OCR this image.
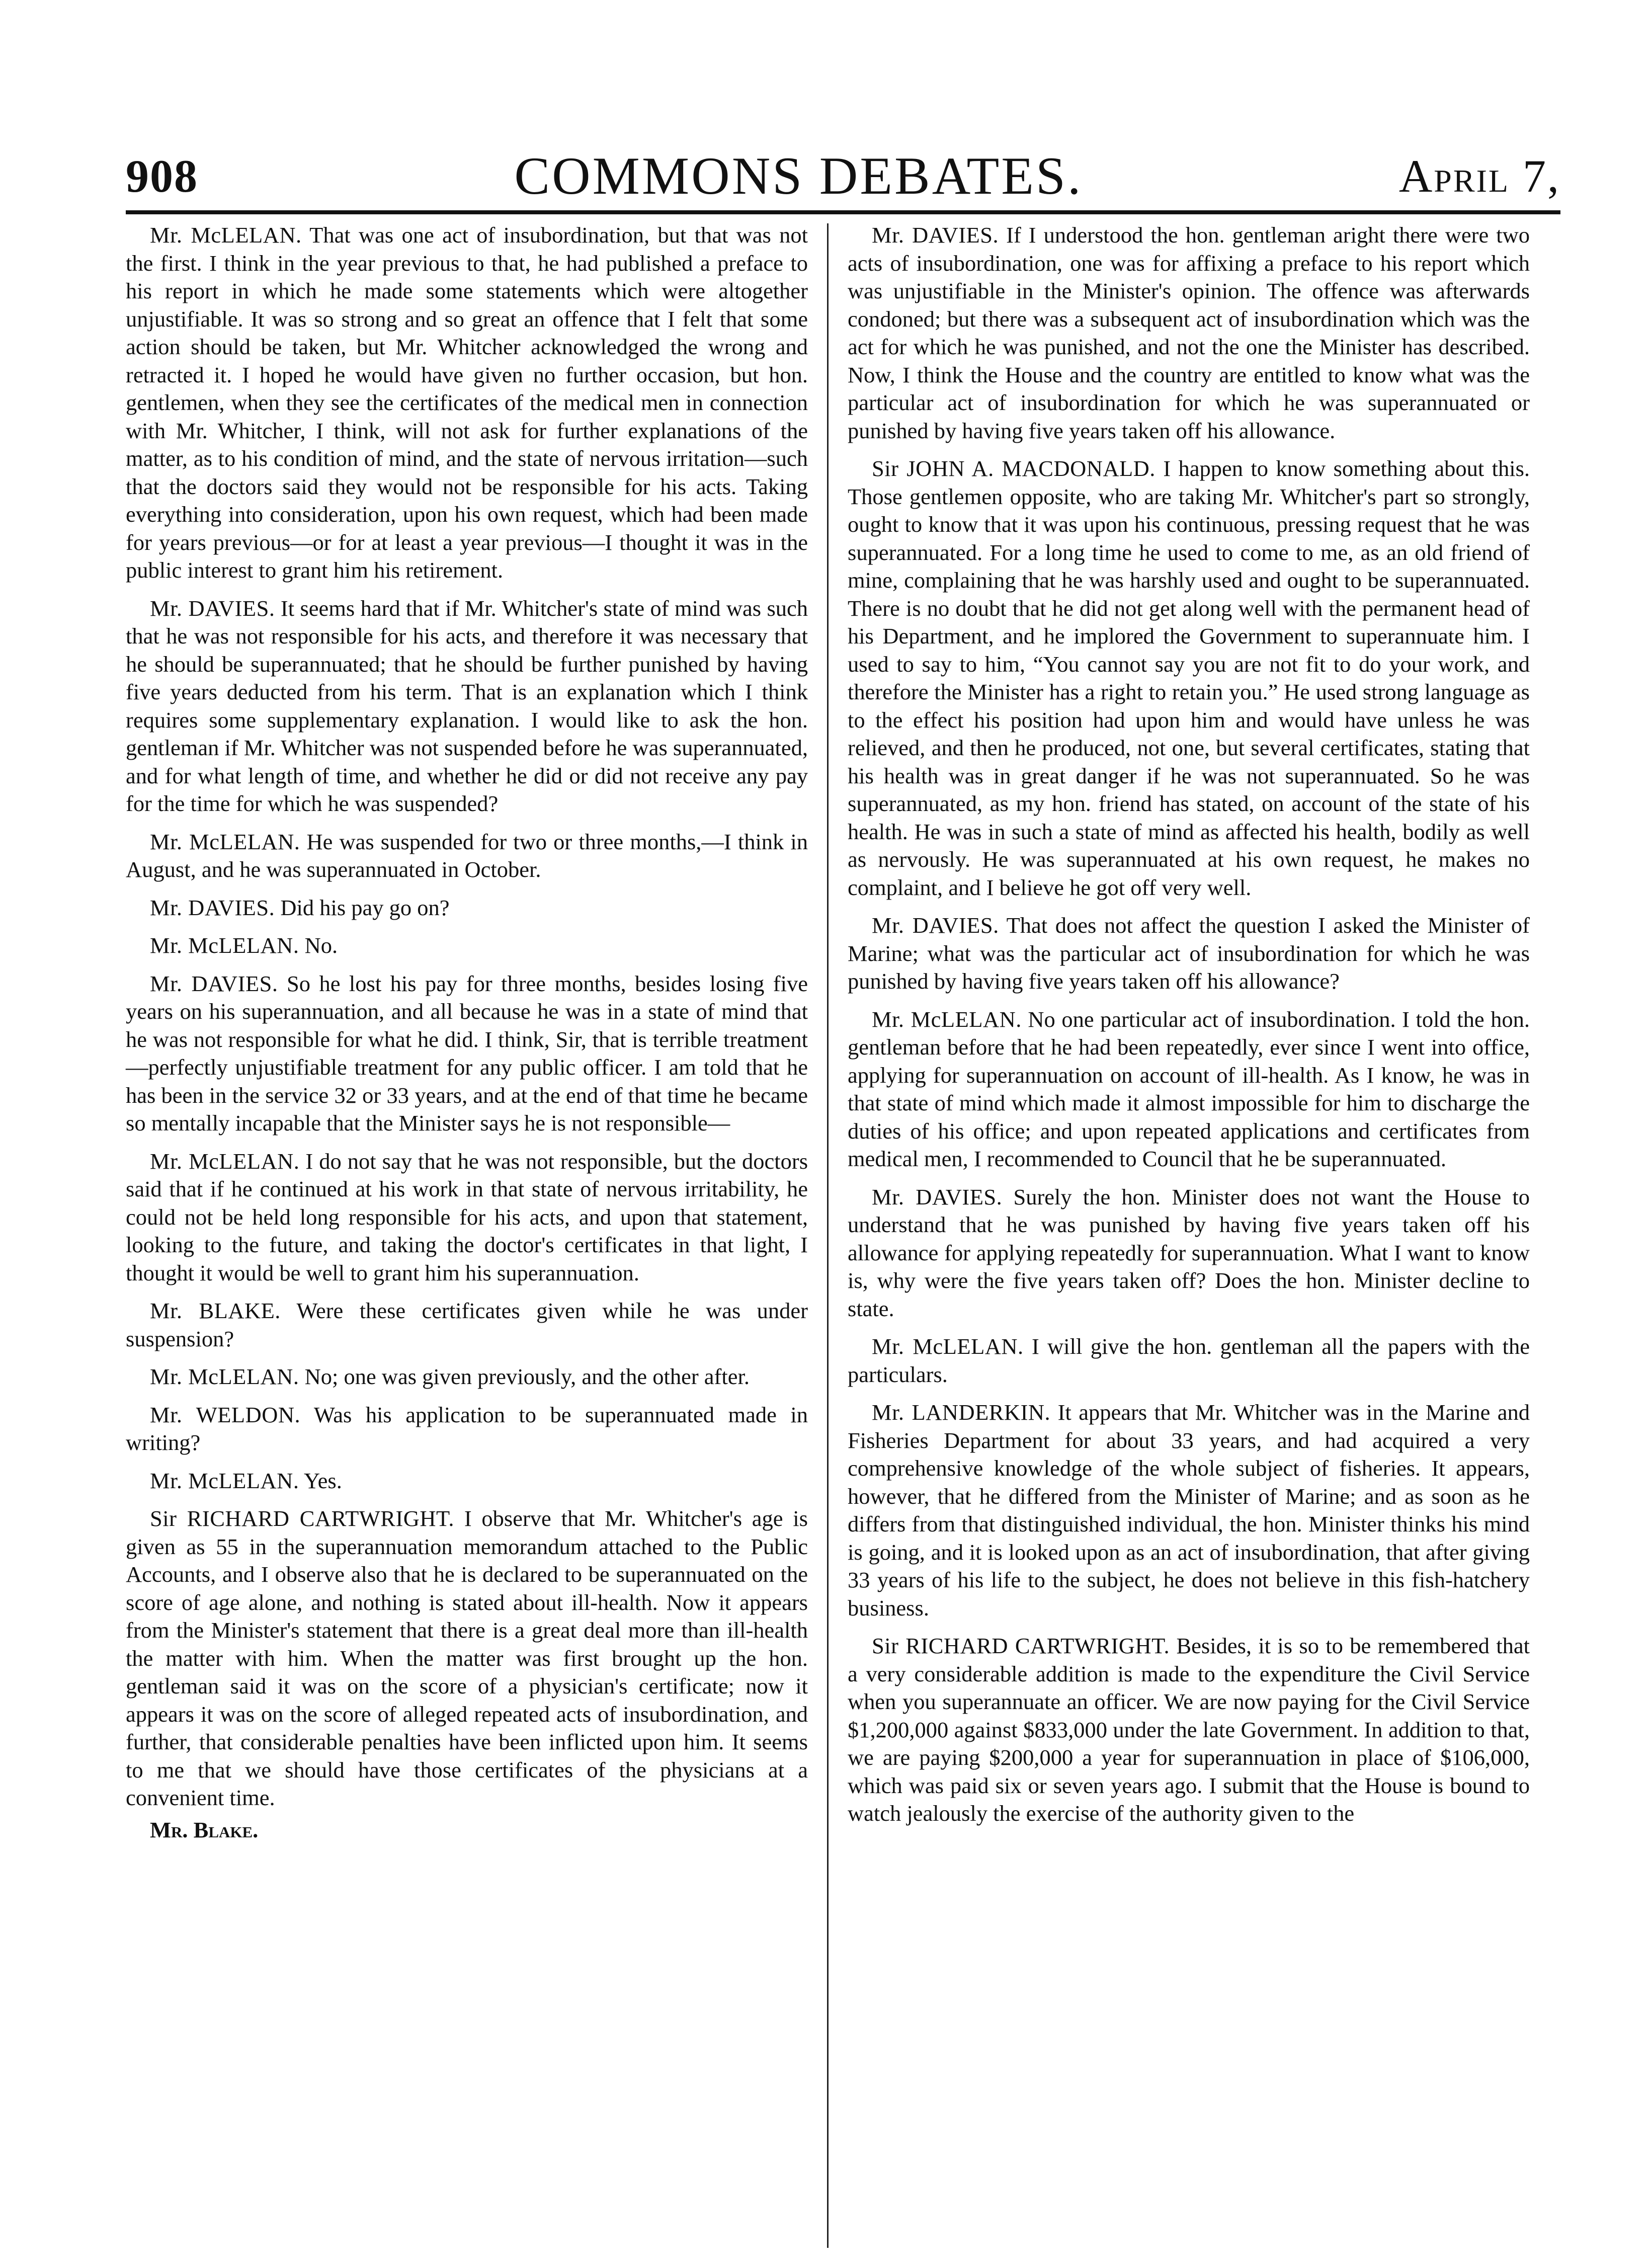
908	COMMONS DEBATES.	April 7,

Mr. McLELAN. That was one act of insubordination, but that was not the first. I think in the year previous to that, he had published a preface to his report in which he made some statements which were altogether unjustifiable. It was so strong and so great an offence that I felt that some action should be taken, but Mr. Whitcher acknowledged the wrong and retracted it. I hoped he would have given no further occasion, but hon. gentlemen, when they see the certificates of the medical men in connection with Mr. Whitcher, I think, will not ask for further explanations of the matter, as to his condition of mind, and the state of nervous irritation—such that the doctors said they would not be responsible for his acts. Taking everything into consideration, upon his own request, which had been made for years previous—or for at least a year previous—I thought it was in the public interest to grant him his retirement.

Mr. DAVIES. It seems hard that if Mr. Whitcher's state of mind was such that he was not responsible for his acts, and therefore it was necessary that he should be superannuated; that he should be further punished by having five years deducted from his term. That is an explanation which I think requires some supplementary explanation. I would like to ask the hon. gentleman if Mr. Whitcher was not suspended before he was superannuated, and for what length of time, and whether he did or did not receive any pay for the time for which he was suspended?

Mr. McLELAN. He was suspended for two or three months,—I think in August, and he was superannuated in October.

Mr. DAVIES. Did his pay go on?

Mr. McLELAN. No.

Mr. DAVIES. So he lost his pay for three months, besides losing five years on his superannuation, and all because he was in a state of mind that he was not responsible for what he did. I think, Sir, that is terrible treatment—perfectly unjustifiable treatment for any public officer. I am told that he has been in the service 32 or 33 years, and at the end of that time he became so mentally incapable that the Minister says he is not responsible—

Mr. McLELAN. I do not say that he was not responsible, but the doctors said that if he continued at his work in that state of nervous irritability, he could not be held long responsible for his acts, and upon that statement, looking to the future, and taking the doctor's certificates in that light, I thought it would be well to grant him his superannuation.

Mr. BLAKE. Were these certificates given while he was under suspension?

Mr. McLELAN. No; one was given previously, and the other after.

Mr. WELDON. Was his application to be superannuated made in writing?

Mr. McLELAN. Yes.

Sir RICHARD CARTWRIGHT. I observe that Mr. Whitcher's age is given as 55 in the superannuation memorandum attached to the Public Accounts, and I observe also that he is declared to be superannuated on the score of age alone, and nothing is stated about ill-health. Now it appears from the Minister's statement that there is a great deal more than ill-health the matter with him. When the matter was first brought up the hon. gentleman said it was on the score of a physician's certificate; now it appears it was on the score of alleged repeated acts of insubordination, and further, that considerable penalties have been inflicted upon him. It seems to me that we should have those certificates of the physicians at a convenient time.

Mr. Blake.

Mr. DAVIES. If I understood the hon. gentleman aright there were two acts of insubordination, one was for affixing a preface to his report which was unjustifiable in the Minister's opinion. The offence was afterwards condoned; but there was a subsequent act of insubordination which was the act for which he was punished, and not the one the Minister has described. Now, I think the House and the country are entitled to know what was the particular act of insubordination for which he was superannuated or punished by having five years taken off his allowance.

Sir JOHN A. MACDONALD. I happen to know something about this. Those gentlemen opposite, who are taking Mr. Whitcher's part so strongly, ought to know that it was upon his continuous, pressing request that he was superannuated. For a long time he used to come to me, as an old friend of mine, complaining that he was harshly used and ought to be superannuated. There is no doubt that he did not get along well with the permanent head of his Department, and he implored the Government to superannuate him. I used to say to him, “You cannot say you are not fit to do your work, and therefore the Minister has a right to retain you.” He used strong language as to the effect his position had upon him and would have unless he was relieved, and then he produced, not one, but several certificates, stating that his health was in great danger if he was not superannuated. So he was superannuated, as my hon. friend has stated, on account of the state of his health. He was in such a state of mind as affected his health, bodily as well as nervously. He was superannuated at his own request, he makes no complaint, and I believe he got off very well.

Mr. DAVIES. That does not affect the question I asked the Minister of Marine; what was the particular act of insubordination for which he was punished by having five years taken off his allowance?

Mr. McLELAN. No one particular act of insubordination. I told the hon. gentleman before that he had been repeatedly, ever since I went into office, applying for superannuation on account of ill-health. As I know, he was in that state of mind which made it almost impossible for him to discharge the duties of his office; and upon repeated applications and certificates from medical men, I recommended to Council that he be superannuated.

Mr. DAVIES. Surely the hon. Minister does not want the House to understand that he was punished by having five years taken off his allowance for applying repeatedly for superannuation. What I want to know is, why were the five years taken off? Does the hon. Minister decline to state.

Mr. McLELAN. I will give the hon. gentleman all the papers with the particulars.

Mr. LANDERKIN. It appears that Mr. Whitcher was in the Marine and Fisheries Department for about 33 years, and had acquired a very comprehensive knowledge of the whole subject of fisheries. It appears, however, that he differed from the Minister of Marine; and as soon as he differs from that distinguished individual, the hon. Minister thinks his mind is going, and it is looked upon as an act of insubordination, that after giving 33 years of his life to the subject, he does not believe in this fish-hatchery business.

Sir RICHARD CARTWRIGHT. Besides, it is so to be remembered that a very considerable addition is made to the expenditure the Civil Service when you superannuate an officer. We are now paying for the Civil Service $1,200,000 against $833,000 under the late Government. In addition to that, we are paying $200,000 a year for superannuation in place of $106,000, which was paid six or seven years ago. I submit that the House is bound to watch jealously the exercise of the authority given to the
